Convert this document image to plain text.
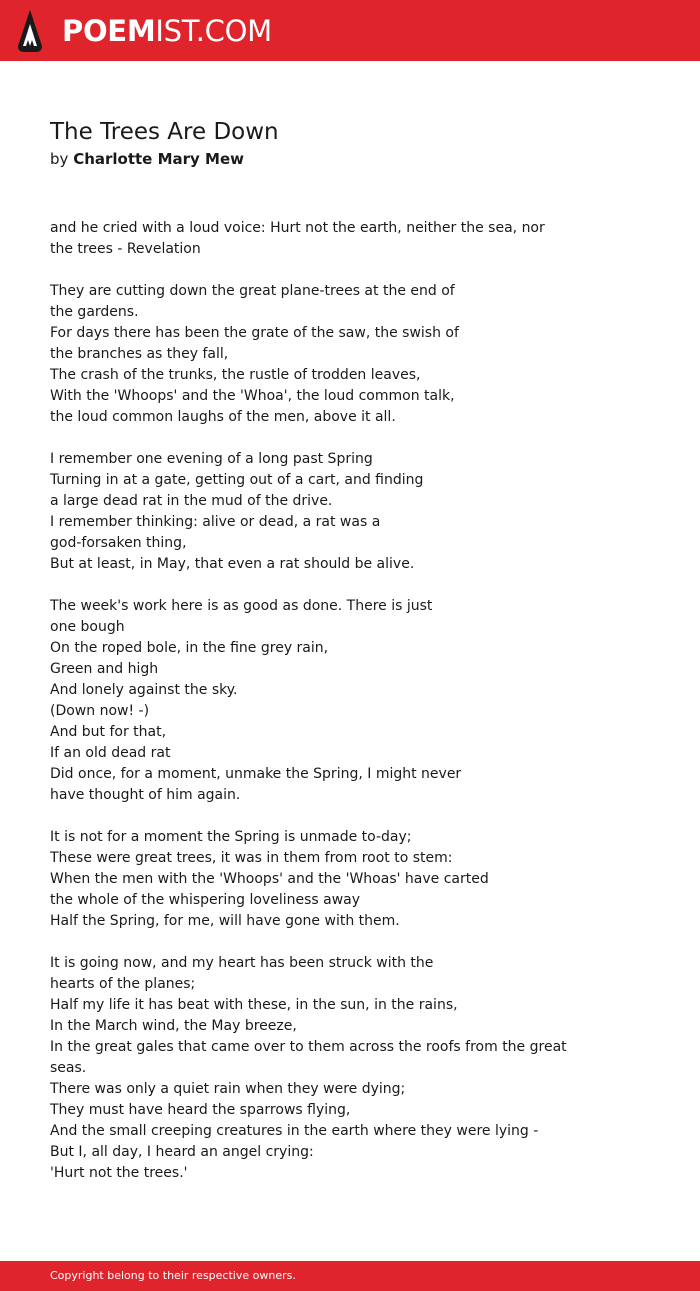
POEMIST.COM
The Trees Are Down
by Charlotte Mary Mew
and he cried with a loud voice: Hurt not the earth, neither the sea, nor
the trees - Revelation
They are cutting down the great plane-trees at the end of
the gardens.
For days there has been the grate of the saw, the swish of
the branches as they fall,
The crash of the trunks, the rustle of trodden leaves,
With the 'Whoops' and the 'Whoa', the loud common talk,
the loud common laughs of the men, above it all.
I remember one evening of a long past Spring
Turning in at a gate, getting out of a cart, and finding
a large dead rat in the mud of the drive.
I remember thinking: alive or dead, a rat was a
god-forsaken thing,
But at least, in May, that even a rat should be alive.
The week's work here is as good as done. There is just
one bough
On the roped bole, in the fine grey rain,
Green and high
And lonely against the sky.
(Down now! -)
And but for that,
If an old dead rat
Did once, for a moment, unmake the Spring, I might never
have thought of him again.
It is not for a moment the Spring is unmade to-day;
These were great trees, it was in them from root to stem:
When the men with the 'Whoops' and the 'Whoas' have carted
the whole of the whispering loveliness away
Half the Spring, for me, will have gone with them.
It is going now, and my heart has been struck with the
hearts of the planes;
Half my life it has beat with these, in the sun, in the rains,
In the March wind, the May breeze,
In the great gales that came over to them across the roofs from the great
seas.
There was only a quiet rain when they were dying;
They must have heard the sparrows flying,
And the small creeping creatures in the earth where they were lying -
But I, all day, I heard an angel crying:
'Hurt not the trees.'
Copyright belong to their respective owners.
